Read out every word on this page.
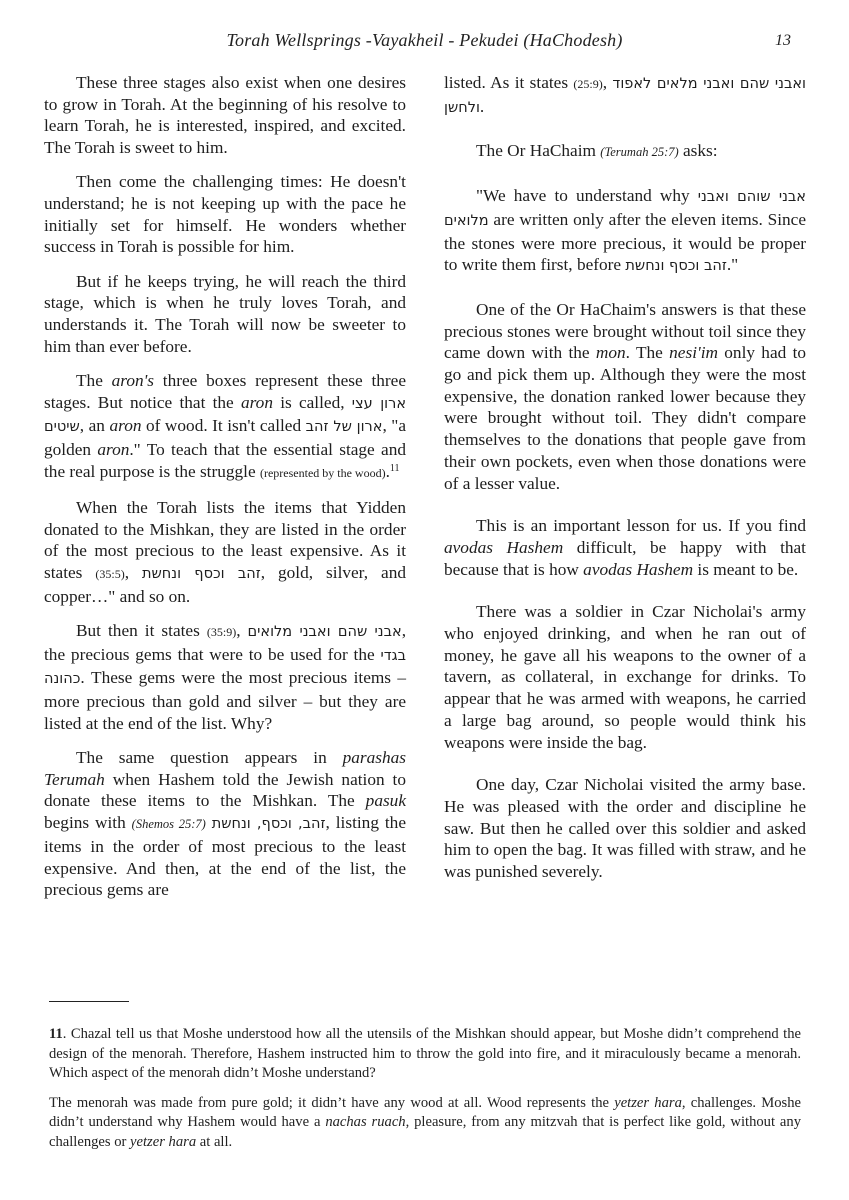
Torah Wellsprings -Vayakheil - Pekudei (HaChodesh)	13

These three stages also exist when one desires to grow in Torah. At the beginning of his resolve to learn Torah, he is interested, inspired, and excited. The Torah is sweet to him.

Then come the challenging times: He doesn't understand; he is not keeping up with the pace he initially set for himself. He wonders whether success in Torah is possible for him.

But if he keeps trying, he will reach the third stage, which is when he truly loves Torah, and understands it. The Torah will now be sweeter to him than ever before.

The aron's three boxes represent these three stages. But notice that the aron is called, ארון עצי שיטים, an aron of wood. It isn't called ארון של זהב, "a golden aron." To teach that the essential stage and the real purpose is the struggle (represented by the wood).$^{11}$

When the Torah lists the items that Yidden donated to the Mishkan, they are listed in the order of the most precious to the least expensive. As it states (35:5), זהב וכסף ונחשת, gold, silver, and copper…" and so on.

But then it states (35:9), אבני שהם ואבני מלואים, the precious gems that were to be used for the בגדי כהונה. These gems were the most precious items – more precious than gold and silver – but they are listed at the end of the list. Why?

The same question appears in parashas Terumah when Hashem told the Jewish nation to donate these items to the Mishkan. The pasuk begins with (Shemos 25:7) זהב, וכסף, ונחשת, listing the items in the order of most precious to the least expensive. And then, at the end of the list, the precious gems are

listed. As it states (25:9), ואבני שהם ואבני מלאים לאפוד ולחשן.

The Or HaChaim (Terumah 25:7) asks:

"We have to understand why אבני שוהם ואבני מלואים are written only after the eleven items. Since the stones were more precious, it would be proper to write them first, before זהב וכסף ונחשת."

One of the Or HaChaim's answers is that these precious stones were brought without toil since they came down with the mon. The nesi'im only had to go and pick them up. Although they were the most expensive, the donation ranked lower because they were brought without toil. They didn't compare themselves to the donations that people gave from their own pockets, even when those donations were of a lesser value.

This is an important lesson for us. If you find avodas Hashem difficult, be happy with that because that is how avodas Hashem is meant to be.

There was a soldier in Czar Nicholai's army who enjoyed drinking, and when he ran out of money, he gave all his weapons to the owner of a tavern, as collateral, in exchange for drinks. To appear that he was armed with weapons, he carried a large bag around, so people would think his weapons were inside the bag.

One day, Czar Nicholai visited the army base. He was pleased with the order and discipline he saw. But then he called over this soldier and asked him to open the bag. It was filled with straw, and he was punished severely.

11. Chazal tell us that Moshe understood how all the utensils of the Mishkan should appear, but Moshe didn’t comprehend the design of the menorah. Therefore, Hashem instructed him to throw the gold into fire, and it miraculously became a menorah. Which aspect of the menorah didn’t Moshe understand?

The menorah was made from pure gold; it didn’t have any wood at all. Wood represents the yetzer hara, challenges. Moshe didn’t understand why Hashem would have a nachas ruach, pleasure, from any mitzvah that is perfect like gold, without any challenges or yetzer hara at all.
